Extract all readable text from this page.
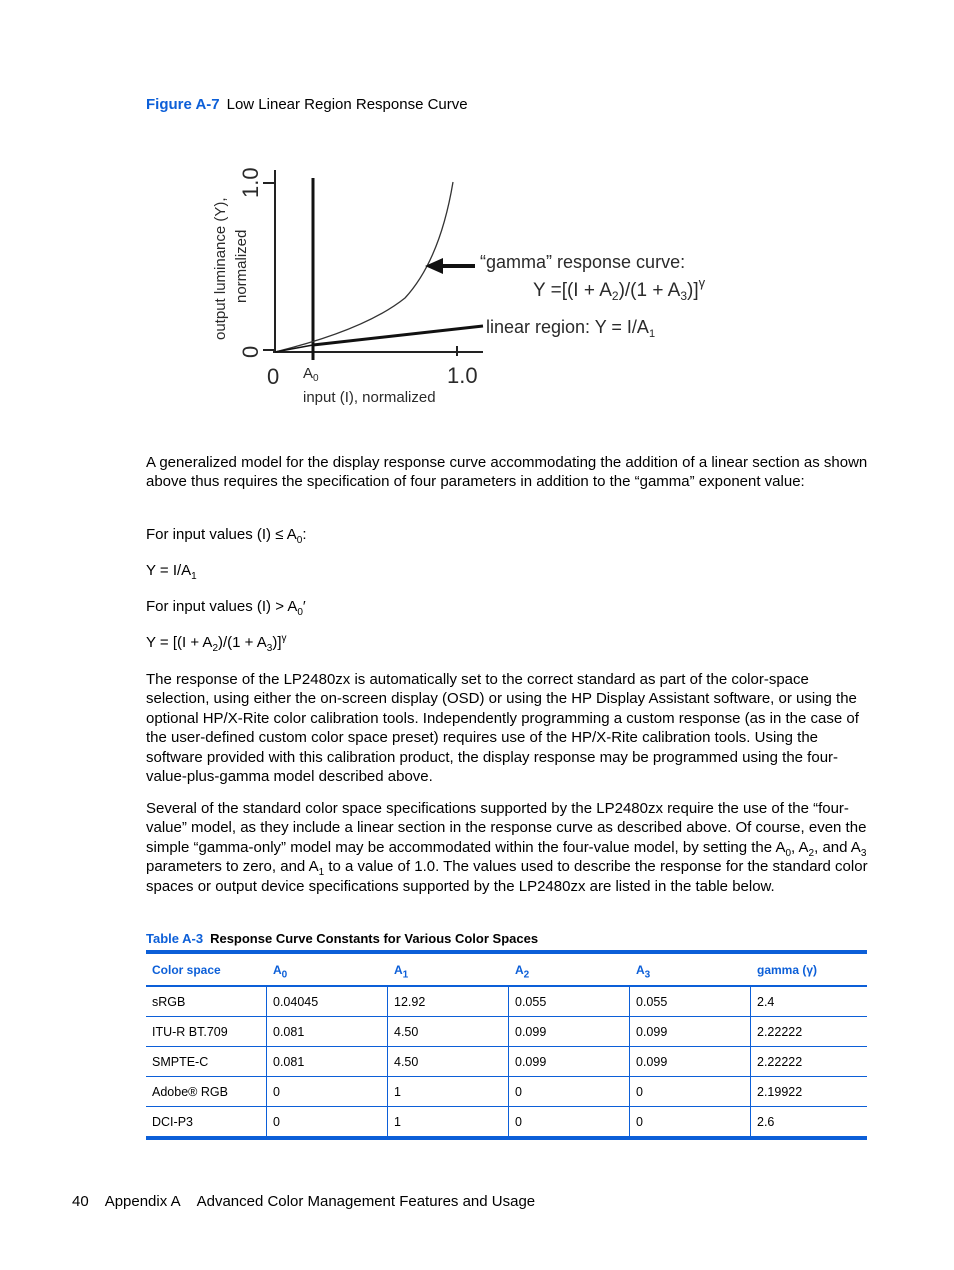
Figure A-7 Low Linear Region Response Curve
output luminance (Y), normalized
1.0
0
0 $A_0$	1.0
input (I), normalized
“gamma” response curve:
$Y =[(I + A_2)/(1 + A_3)]^\gamma$
linear region: $Y = I/A_1$

A generalized model for the display response curve accommodating the addition of a linear section as shown above thus requires the specification of four parameters in addition to the “gamma” exponent value:

For input values $(I) \le A_0$:

$Y = I/A_1$

For input values $(I) > A_0'$

$Y = [(I + A_2)/(1 + A_3)]^\gamma$

The response of the LP2480zx is automatically set to the correct standard as part of the color-space selection, using either the on-screen display (OSD) or using the HP Display Assistant software, or using the optional HP/X-Rite color calibration tools. Independently programming a custom response (as in the case of the user-defined custom color space preset) requires use of the HP/X-Rite calibration tools. Using the software provided with this calibration product, the display response may be programmed using the four-value-plus-gamma model described above.

Several of the standard color space specifications supported by the LP2480zx require the use of the “four-value” model, as they include a linear section in the response curve as described above. Of course, even the simple “gamma-only” model may be accommodated within the four-value model, by setting the $A_0$, $A_2$, and $A_3$ parameters to zero, and $A_1$ to a value of 1.0. The values used to describe the response for the standard color spaces or output device specifications supported by the LP2480zx are listed in the table below.

Table A-3 Response Curve Constants for Various Color Spaces
Color space	$A_0$	$A_1$	$A_2$	$A_3$	gamma (γ)
sRGB	0.04045	12.92	0.055	0.055	2.4
ITU-R BT.709	0.081	4.50	0.099	0.099	2.22222
SMPTE-C	0.081	4.50	0.099	0.099	2.22222
Adobe® RGB	0	1	0	0	2.19922
DCI-P3	0	1	0	0	2.6
40 Appendix A Advanced Color Management Features and Usage
